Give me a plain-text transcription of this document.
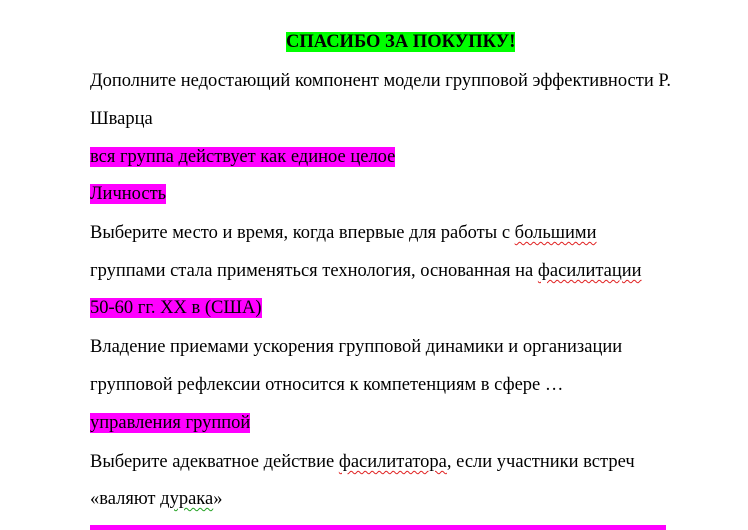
СПАСИБО ЗА ПОКУПКУ!
Дополните недостающий компонент модели групповой эффективности Р.
Шварца
вся группа действует как единое целое
Личность
Выберите место и время, когда впервые для работы с большими
группами стала применяться технология, основанная на фасилитации
50-60 гг. XX в (США)
Владение приемами ускорения групповой динамики и организации
групповой рефлексии относится к компетенциям в сфере …
управления группой
Выберите адекватное действие фасилитатора, если участники встреч
«валяют дурака»
